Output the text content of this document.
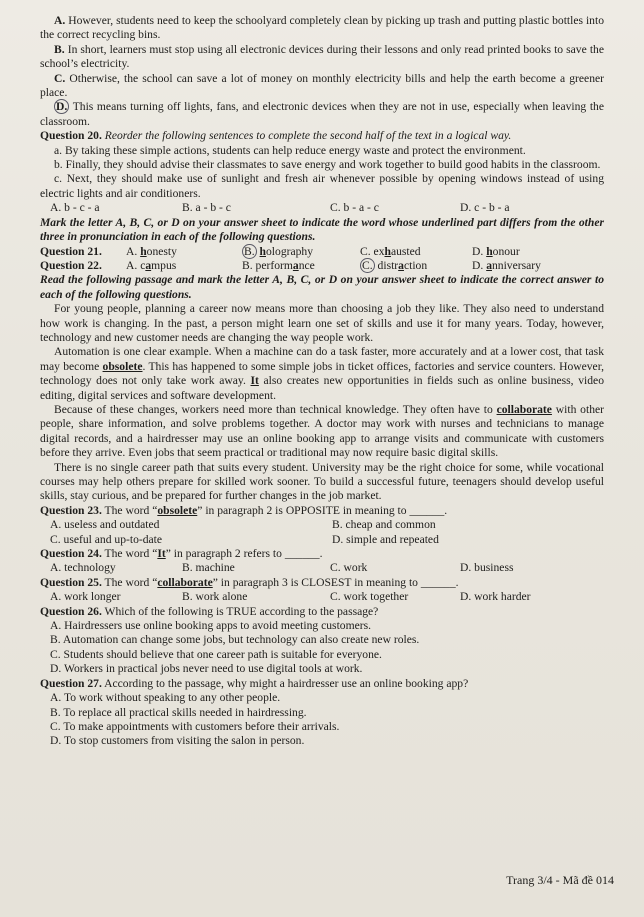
A. However, students need to keep the schoolyard completely clean by picking up trash and putting plastic bottles into the correct recycling bins.
B. In short, learners must stop using all electronic devices during their lessons and only read printed books to save the school’s electricity.
C. Otherwise, the school can save a lot of money on monthly electricity bills and help the earth become a greener place.
D. This means turning off lights, fans, and electronic devices when they are not in use, especially when leaving the classroom.
Question 20. Reorder the following sentences to complete the second half of the text in a logical way.
a. By taking these simple actions, students can help reduce energy waste and protect the environment.
b. Finally, they should advise their classmates to save energy and work together to build good habits in the classroom.
c. Next, they should make use of sunlight and fresh air whenever possible by opening windows instead of using electric lights and air conditioners.
A. b - c - a	B. a - b - c	C. b - a - c	D. c - b - a
Mark the letter A, B, C, or D on your answer sheet to indicate the word whose underlined part differs from the other three in pronunciation in each of the following questions.
Question 21.	A. honesty	B. holography	C. exhausted	D. honour
Question 22.	A. campus	B. performance	C. distraction	D. anniversary
Read the following passage and mark the letter A, B, C, or D on your answer sheet to indicate the correct answer to each of the following questions.
For young people, planning a career now means more than choosing a job they like. They also need to understand how work is changing. In the past, a person might learn one set of skills and use it for many years. Today, however, technology and new customer needs are changing the way people work.
Automation is one clear example. When a machine can do a task faster, more accurately and at a lower cost, that task may become obsolete. This has happened to some simple jobs in ticket offices, factories and service counters. However, technology does not only take work away. It also creates new opportunities in fields such as online business, video editing, digital services and software development.
Because of these changes, workers need more than technical knowledge. They often have to collaborate with other people, share information, and solve problems together. A doctor may work with nurses and technicians to manage digital records, and a hairdresser may use an online booking app to arrange visits and communicate with customers before they arrive. Even jobs that seem practical or traditional may now require basic digital skills.
There is no single career path that suits every student. University may be the right choice for some, while vocational courses may help others prepare for skilled work sooner. To build a successful future, teenagers should develop useful skills, stay curious, and be prepared for further changes in the job market.
Question 23. The word “obsolete” in paragraph 2 is OPPOSITE in meaning to ______.
A. useless and outdated	B. cheap and common
C. useful and up-to-date	D. simple and repeated
Question 24. The word “It” in paragraph 2 refers to ______.
A. technology	B. machine	C. work	D. business
Question 25. The word “collaborate” in paragraph 3 is CLOSEST in meaning to ______.
A. work longer	B. work alone	C. work together	D. work harder
Question 26. Which of the following is TRUE according to the passage?
A. Hairdressers use online booking apps to avoid meeting customers.
B. Automation can change some jobs, but technology can also create new roles.
C. Students should believe that one career path is suitable for everyone.
D. Workers in practical jobs never need to use digital tools at work.
Question 27. According to the passage, why might a hairdresser use an online booking app?
A. To work without speaking to any other people.
B. To replace all practical skills needed in hairdressing.
C. To make appointments with customers before their arrivals.
D. To stop customers from visiting the salon in person.
Trang 3/4 - Mã đề 014
